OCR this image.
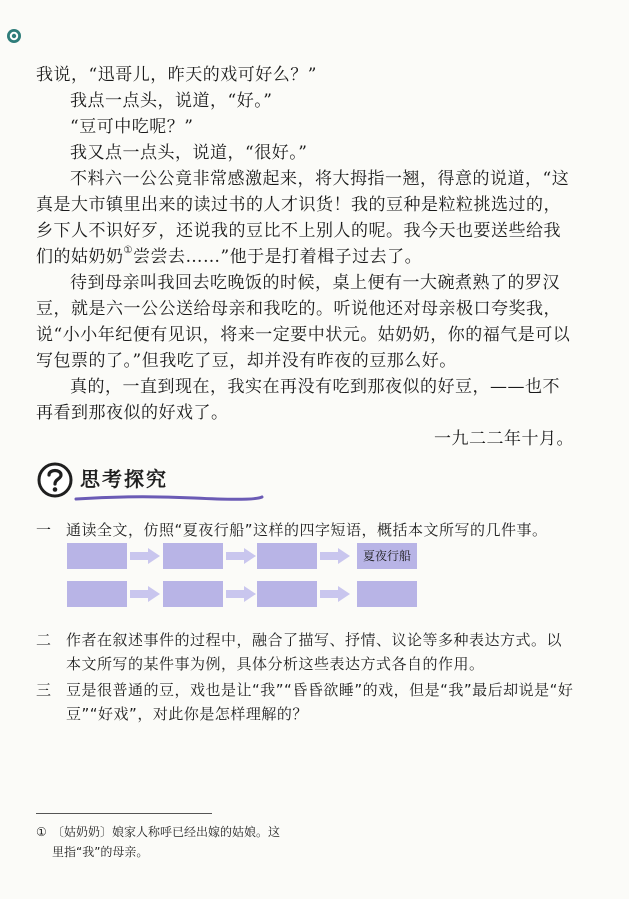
我说，“迅哥儿，昨天的戏可好么？”

我点一点头，说道，“好。”

“豆可中吃呢？”

我又点一点头，说道，“很好。”

不料六一公公竟非常感激起来，将大拇指一翘，得意的说道，“这真是大市镇里出来的读过书的人才识货！我的豆种是粒粒挑选过的，乡下人不识好歹，还说我的豆比不上别人的呢。我今天也要送些给我们的姑奶奶①尝尝去……”他于是打着楫子过去了。

待到母亲叫我回去吃晚饭的时候，桌上便有一大碗煮熟了的罗汉豆，就是六一公公送给母亲和我吃的。听说他还对母亲极口夸奖我，说“小小年纪便有见识，将来一定要中状元。姑奶奶，你的福气是可以写包票的了。”但我吃了豆，却并没有昨夜的豆那么好。

真的，一直到现在，我实在再没有吃到那夜似的好豆，——也不再看到那夜似的好戏了。

一九二二年十月。

思考探究
一 通读全文，仿照“夏夜行船”这样的四字短语，概括本文所写的几件事。
夏夜行船
二 作者在叙述事件的过程中，融合了描写、抒情、议论等多种表达方式。以本文所写的某件事为例，具体分析这些表达方式各自的作用。
三 豆是很普通的豆，戏也是让“我”“昏昏欲睡”的戏，但是“我”最后却说是“好豆”“好戏”，对此你是怎样理解的？
① 〔姑奶奶〕娘家人称呼已经出嫁的姑娘。这
里指“我”的母亲。
